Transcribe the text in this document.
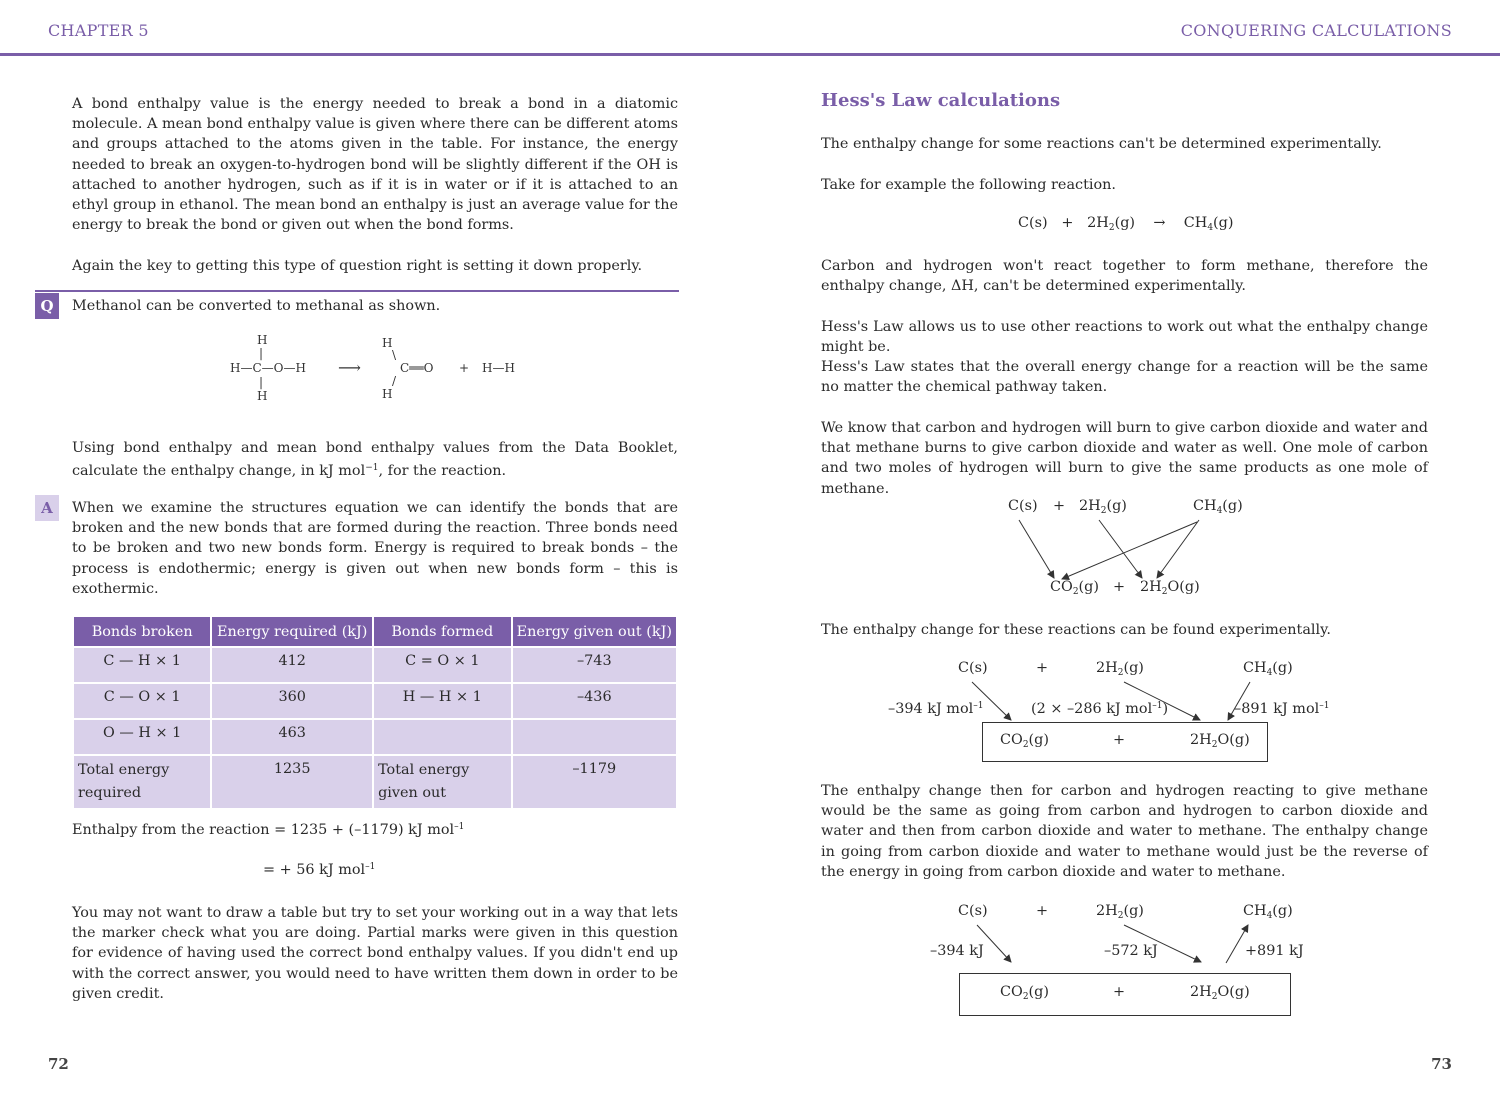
CHAPTER 5	CONQUERING CALCULATIONS

A bond enthalpy value is the energy needed to break a bond in a diatomic molecule. A mean bond enthalpy value is given where there can be different atoms and groups attached to the atoms given in the table. For instance, the energy needed to break an oxygen-to-hydrogen bond will be slightly different if the OH is attached to another hydrogen, such as if it is in water or if it is attached to an ethyl group in ethanol. The mean bond an enthalpy is just an average value for the energy to break the bond or given out when the bond forms.

Again the key to getting this type of question right is setting it down properly.

Q	Methanol can be converted to methanal as shown.

H
|
H—C—O—H
|
H
⟶
H
\
C══O
/
H
+ H—H

Using bond enthalpy and mean bond enthalpy values from the Data Booklet, calculate the enthalpy change, in kJ mol$^{-1}$, for the reaction.

A	When we examine the structures equation we can identify the bonds that are broken and the new bonds that are formed during the reaction. Three bonds need to be broken and two new bonds form. Energy is required to break bonds – the process is endothermic; energy is given out when new bonds form – this is exothermic.

Bonds broken	Energy required (kJ)	Bonds formed	Energy given out (kJ)
C — H × 1	412	C = O × 1	–743
C — O × 1	360	H — H × 1	–436
O — H × 1	463		
Total energy required	1235	Total energy given out	–1179
Enthalpy from the reaction = 1235 + (–1179) kJ mol$^{-1}$
= + 56 kJ mol$^{-1}$

You may not want to draw a table but try to set your working out in a way that lets the marker check what you are doing. Partial marks were given in this question for evidence of having used the correct bond enthalpy values. If you didn't end up with the correct answer, you would need to have written them down in order to be given credit.

72
Hess's Law calculations

The enthalpy change for some reactions can't be determined experimentally.

Take for example the following reaction.

$C(s) + 2H_2(g) \to CH_4(g)$

Carbon and hydrogen won't react together to form methane, therefore the enthalpy change, ΔH, can't be determined experimentally.

Hess's Law allows us to use other reactions to work out what the enthalpy change might be.

Hess's Law states that the overall energy change for a reaction will be the same no matter the chemical pathway taken.

We know that carbon and hydrogen will burn to give carbon dioxide and water and that methane burns to give carbon dioxide and water as well. One mole of carbon and two moles of hydrogen will burn to give the same products as one mole of methane.

$C(s) + 2H_2(g)$	$CH_4(g)$
$CO_2(g) + 2H_2O(g)$

The enthalpy change for these reactions can be found experimentally.

C(s)	+	$2H_2(g)$	$CH_4(g)$
–394 kJ mol$^{-1}$	(2 × –286 kJ mol$^{-1}$)	–891 kJ mol$^{-1}$
$CO_2(g)$	+	$2H_2O(g)$

The enthalpy change then for carbon and hydrogen reacting to give methane would be the same as going from carbon and hydrogen to carbon dioxide and water and then from carbon dioxide and water to methane. The enthalpy change in going from carbon dioxide and water to methane would just be the reverse of the energy in going from carbon dioxide and water to methane.

C(s)	+	$2H_2(g)$	$CH_4(g)$
–394 kJ	–572 kJ	+891 kJ
$CO_2(g)$	+	$2H_2O(g)$
73
